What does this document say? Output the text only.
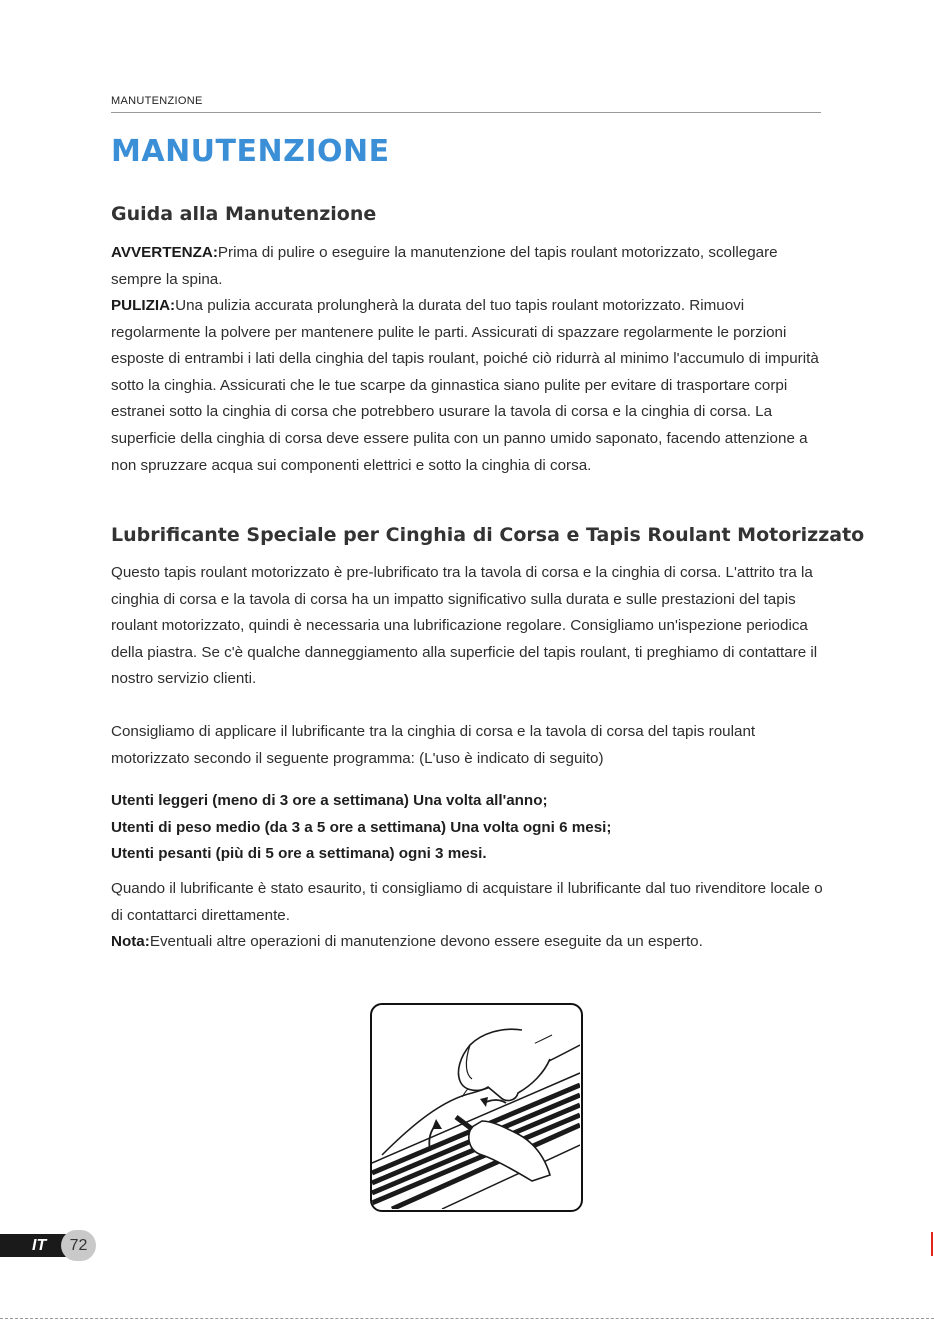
MANUTENZIONE
MANUTENZIONE
Guida alla Manutenzione

AVVERTENZA:Prima di pulire o eseguire la manutenzione del tapis roulant motorizzato, scollegare sempre la spina.

PULIZIA:Una pulizia accurata prolungherà la durata del tuo tapis roulant motorizzato. Rimuovi regolarmente la polvere per mantenere pulite le parti. Assicurati di spazzare regolarmente le porzioni esposte di entrambi i lati della cinghia del tapis roulant, poiché ciò ridurrà al minimo l'accumulo di impurità sotto la cinghia. Assicurati che le tue scarpe da ginnastica siano pulite per evitare di trasportare corpi estranei sotto la cinghia di corsa che potrebbero usurare la tavola di corsa e la cinghia di corsa. La superficie della cinghia di corsa deve essere pulita con un panno umido saponato, facendo attenzione a non spruzzare acqua sui componenti elettrici e sotto la cinghia di corsa.

Lubrificante Speciale per Cinghia di Corsa e Tapis Roulant Motorizzato

Questo tapis roulant motorizzato è pre-lubrificato tra la tavola di corsa e la cinghia di corsa. L'attrito tra la cinghia di corsa e la tavola di corsa ha un impatto significativo sulla durata e sulle prestazioni del tapis roulant motorizzato, quindi è necessaria una lubrificazione regolare. Consigliamo un'ispezione periodica della piastra. Se c'è qualche danneggiamento alla superficie del tapis roulant, ti preghiamo di contattare il nostro servizio clienti.

Consigliamo di applicare il lubrificante tra la cinghia di corsa e la tavola di corsa del tapis roulant motorizzato secondo il seguente programma: (L'uso è indicato di seguito)

Utenti leggeri (meno di 3 ore a settimana) Una volta all'anno;
Utenti di peso medio (da 3 a 5 ore a settimana) Una volta ogni 6 mesi;
Utenti pesanti (più di 5 ore a settimana) ogni 3 mesi.

Quando il lubrificante è stato esaurito, ti consigliamo di acquistare il lubrificante dal tuo rivenditore locale o di contattarci direttamente.

Nota:Eventuali altre operazioni di manutenzione devono essere eseguite da un esperto.

IT	72
